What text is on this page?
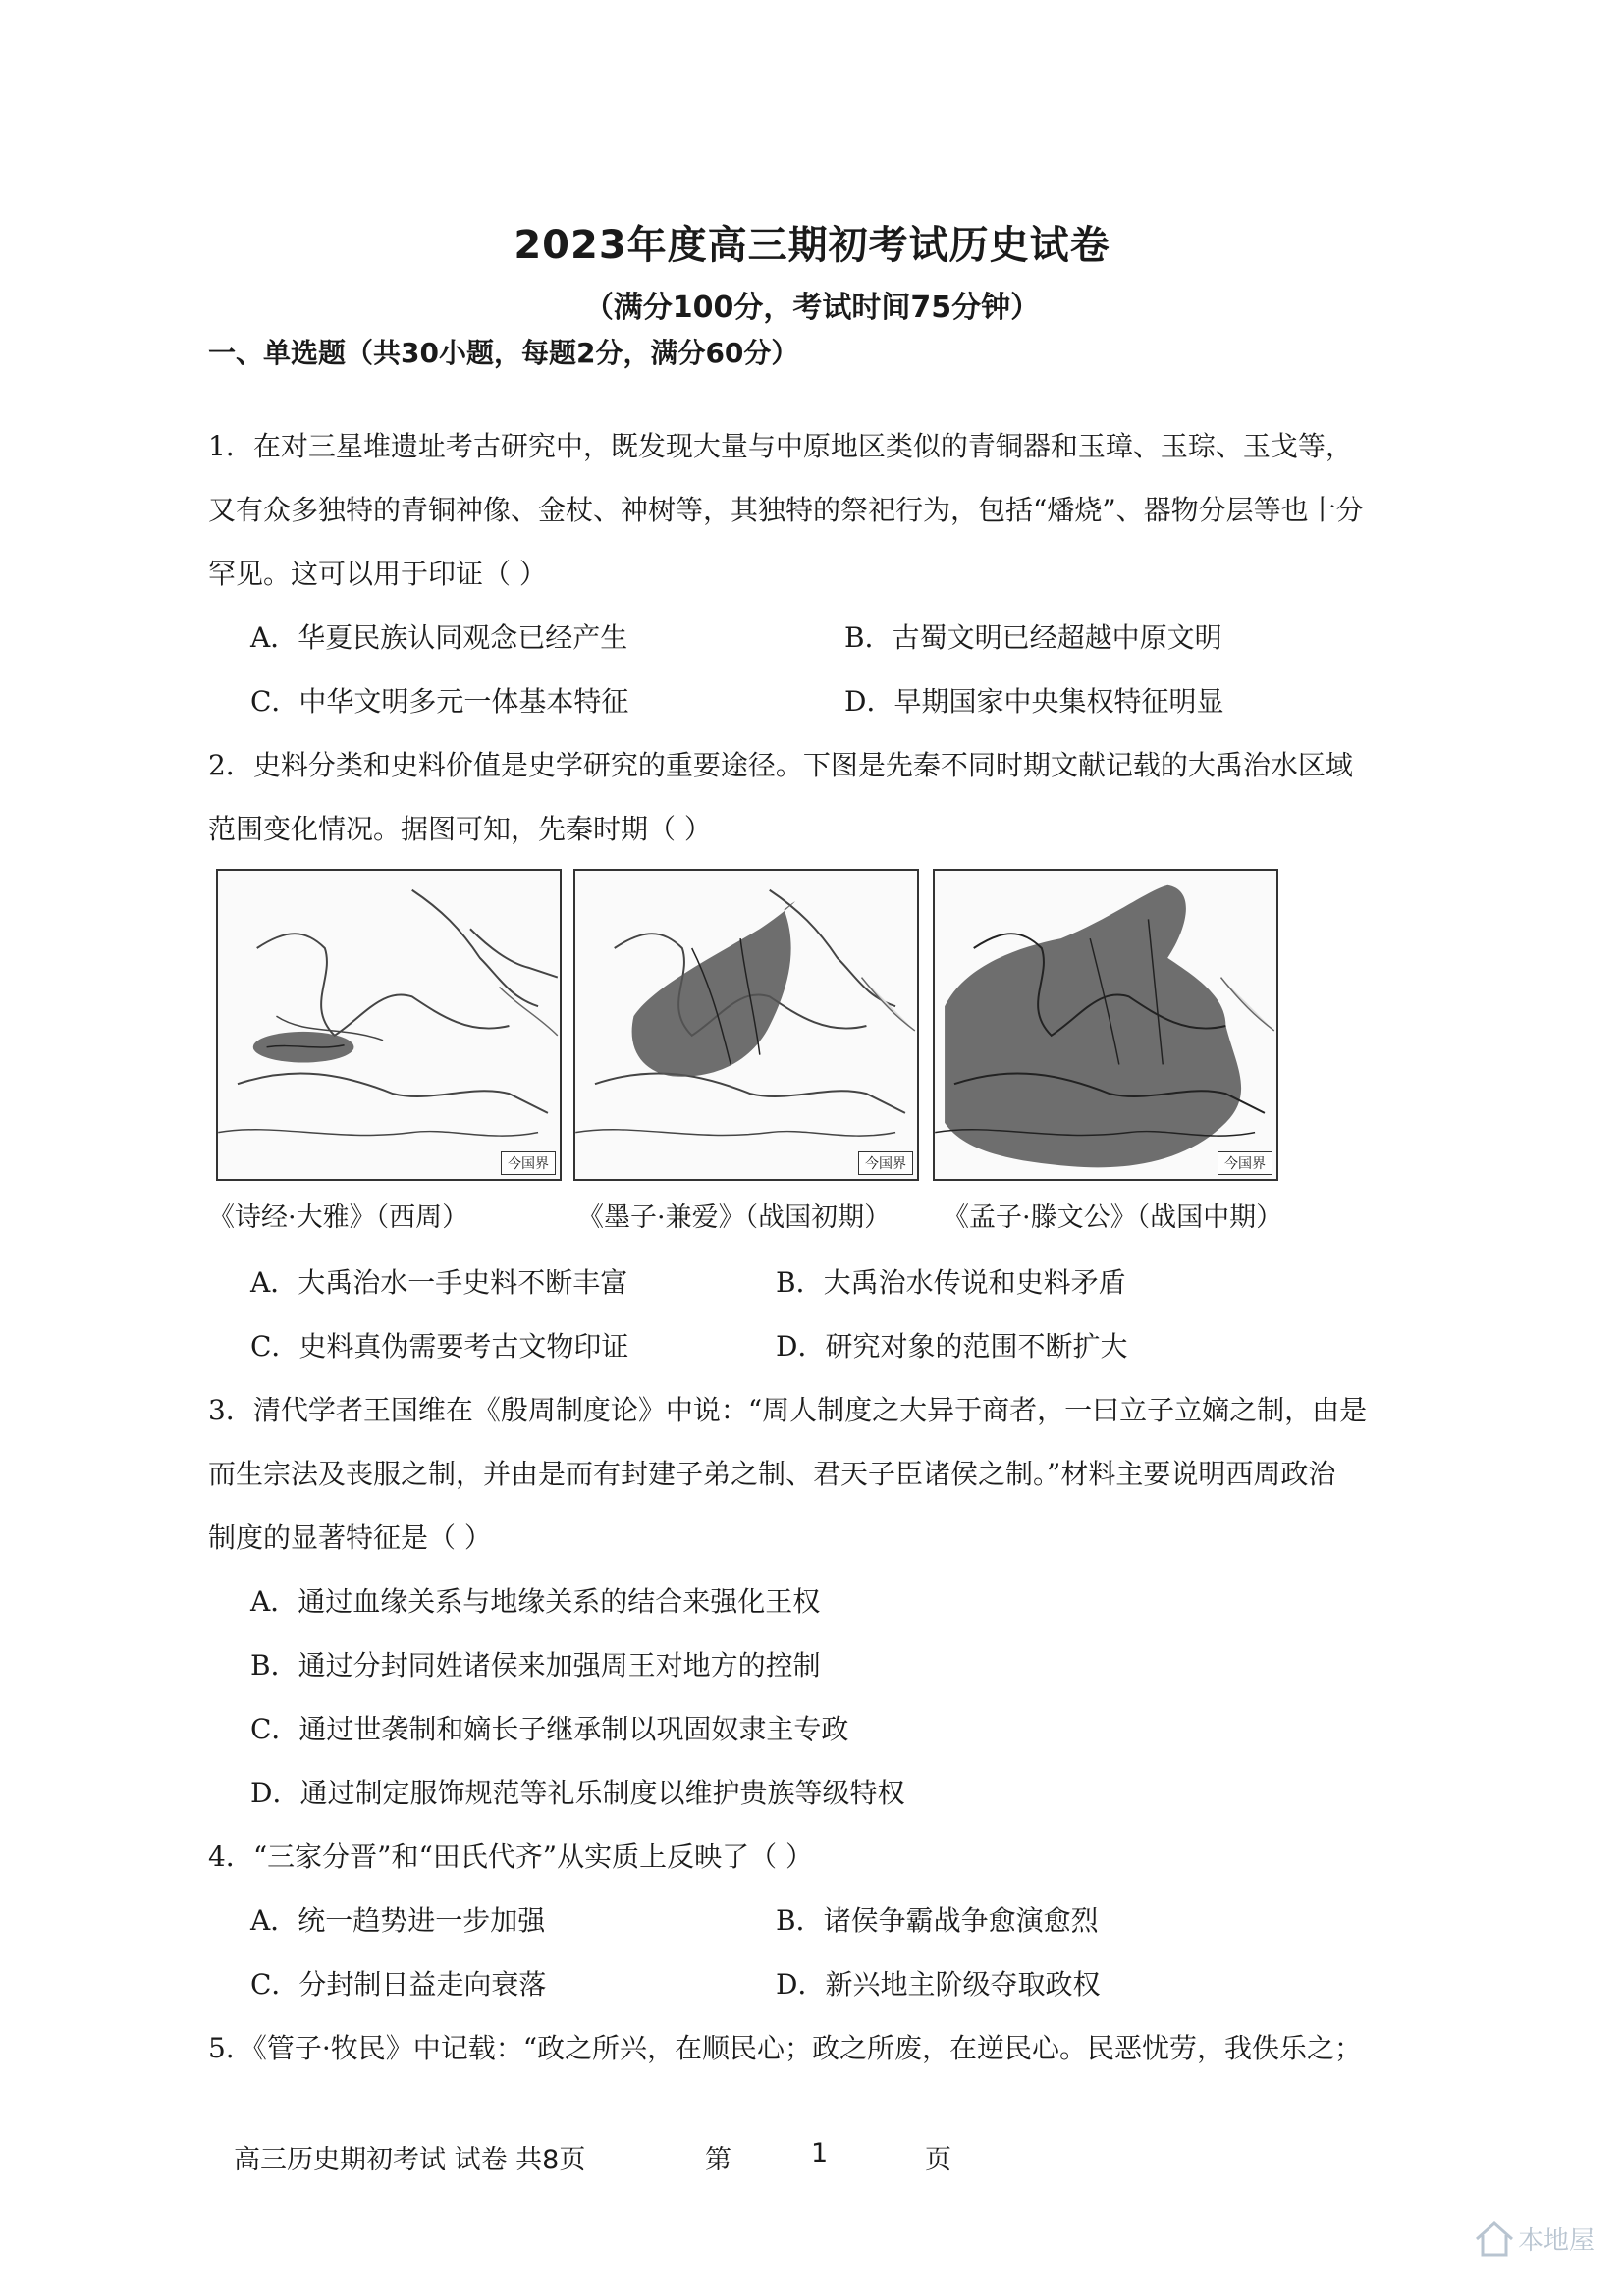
2023年度高三期初考试历史试卷
（满分100分，考试时间75分钟）
一、单选题（共30小题，每题2分，满分60分）
1．在对三星堆遗址考古研究中，既发现大量与中原地区类似的青铜器和玉璋、玉琮、玉戈等，
又有众多独特的青铜神像、金杖、神树等，其独特的祭祀行为，包括“燔烧”、器物分层等也十分
罕见。这可以用于印证（ ）
A．华夏民族认同观念已经产生	B．古蜀文明已经超越中原文明
C．中华文明多元一体基本特征	D．早期国家中央集权特征明显
2．史料分类和史料价值是史学研究的重要途径。下图是先秦不同时期文献记载的大禹治水区域
范围变化情况。据图可知，先秦时期（ ）
今国界	今国界	今国界
《诗经·大雅》（西周）	《墨子·兼爱》（战国初期） 《孟子·滕文公》（战国中期）
A．大禹治水一手史料不断丰富	B．大禹治水传说和史料矛盾
C．史料真伪需要考古文物印证	D．研究对象的范围不断扩大
3．清代学者王国维在《殷周制度论》中说：“周人制度之大异于商者，一曰立子立嫡之制，由是
而生宗法及丧服之制，并由是而有封建子弟之制、君天子臣诸侯之制。”材料主要说明西周政治
制度的显著特征是（ ）
A．通过血缘关系与地缘关系的结合来强化王权
B．通过分封同姓诸侯来加强周王对地方的控制
C．通过世袭制和嫡长子继承制以巩固奴隶主专政
D．通过制定服饰规范等礼乐制度以维护贵族等级特权
4．“三家分晋”和“田氏代齐”从实质上反映了（ ）
A．统一趋势进一步加强	B．诸侯争霸战争愈演愈烈
C．分封制日益走向衰落	D．新兴地主阶级夺取政权
5．《管子·牧民》中记载：“政之所兴，在顺民心；政之所废，在逆民心。民恶忧劳，我佚乐之；
高三历史期初考试 试卷 共8页	第	1	页
本地屋
